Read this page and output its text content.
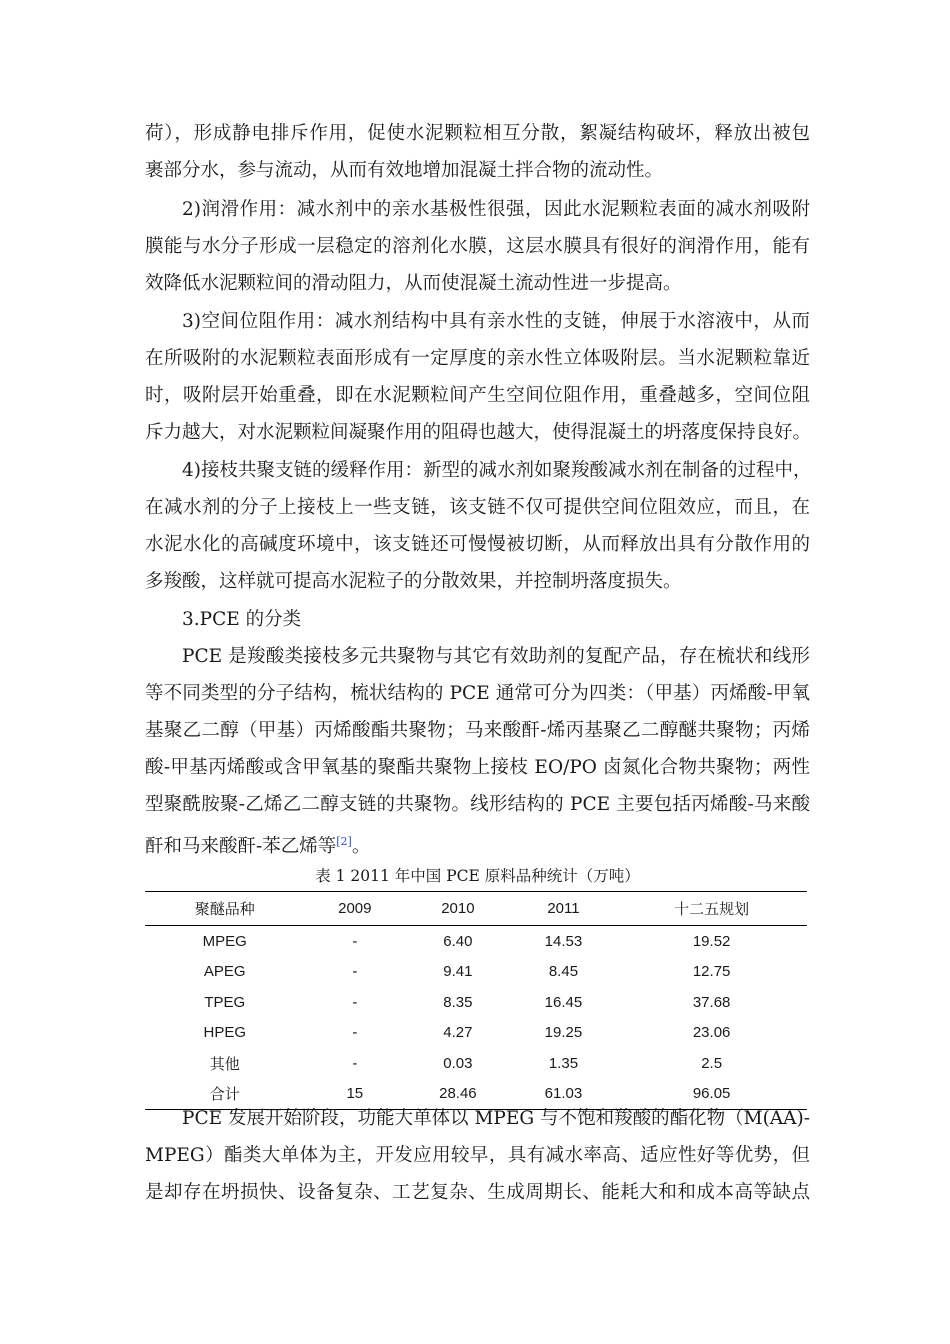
荷），形成静电排斥作用，促使水泥颗粒相互分散，絮凝结构破坏，释放出被包
裹部分水，参与流动，从而有效地增加混凝土拌合物的流动性。
2)润滑作用：减水剂中的亲水基极性很强，因此水泥颗粒表面的减水剂吸附
膜能与水分子形成一层稳定的溶剂化水膜，这层水膜具有很好的润滑作用，能有
效降低水泥颗粒间的滑动阻力，从而使混凝土流动性进一步提高。
3)空间位阻作用：减水剂结构中具有亲水性的支链，伸展于水溶液中，从而
在所吸附的水泥颗粒表面形成有一定厚度的亲水性立体吸附层。当水泥颗粒靠近
时，吸附层开始重叠，即在水泥颗粒间产生空间位阻作用，重叠越多，空间位阻
斥力越大，对水泥颗粒间凝聚作用的阻碍也越大，使得混凝土的坍落度保持良好。
4)接枝共聚支链的缓释作用：新型的减水剂如聚羧酸减水剂在制备的过程中，
在减水剂的分子上接枝上一些支链，该支链不仅可提供空间位阻效应，而且，在
水泥水化的高碱度环境中，该支链还可慢慢被切断，从而释放出具有分散作用的
多羧酸，这样就可提高水泥粒子的分散效果，并控制坍落度损失。
3.PCE 的分类
PCE 是羧酸类接枝多元共聚物与其它有效助剂的复配产品，存在梳状和线形
等不同类型的分子结构，梳状结构的 PCE 通常可分为四类：（甲基）丙烯酸-甲氧
基聚乙二醇（甲基）丙烯酸酯共聚物；马来酸酐-烯丙基聚乙二醇醚共聚物；丙烯
酸-甲基丙烯酸或含甲氧基的聚酯共聚物上接枝 EO/PO 卤氮化合物共聚物；两性
型聚酰胺聚-乙烯乙二醇支链的共聚物。线形结构的 PCE 主要包括丙烯酸-马来酸
酐和马来酸酐-苯乙烯等[2]。
表 1 2011 年中国 PCE 原料品种统计（万吨）
聚醚品种	2009	2010	2011	十二五规划
MPEG	-	6.40	14.53	19.52
APEG	-	9.41	8.45	12.75
TPEG	-	8.35	16.45	37.68
HPEG	-	4.27	19.25	23.06
其他	-	0.03	1.35	2.5
合计	15	28.46	61.03	96.05
PCE 发展开始阶段，功能大单体以 MPEG 与不饱和羧酸的酯化物（M(AA)-
MPEG）酯类大单体为主，开发应用较早，具有减水率高、适应性好等优势，但
是却存在坍损快、设备复杂、工艺复杂、生成周期长、能耗大和和成本高等缺点
